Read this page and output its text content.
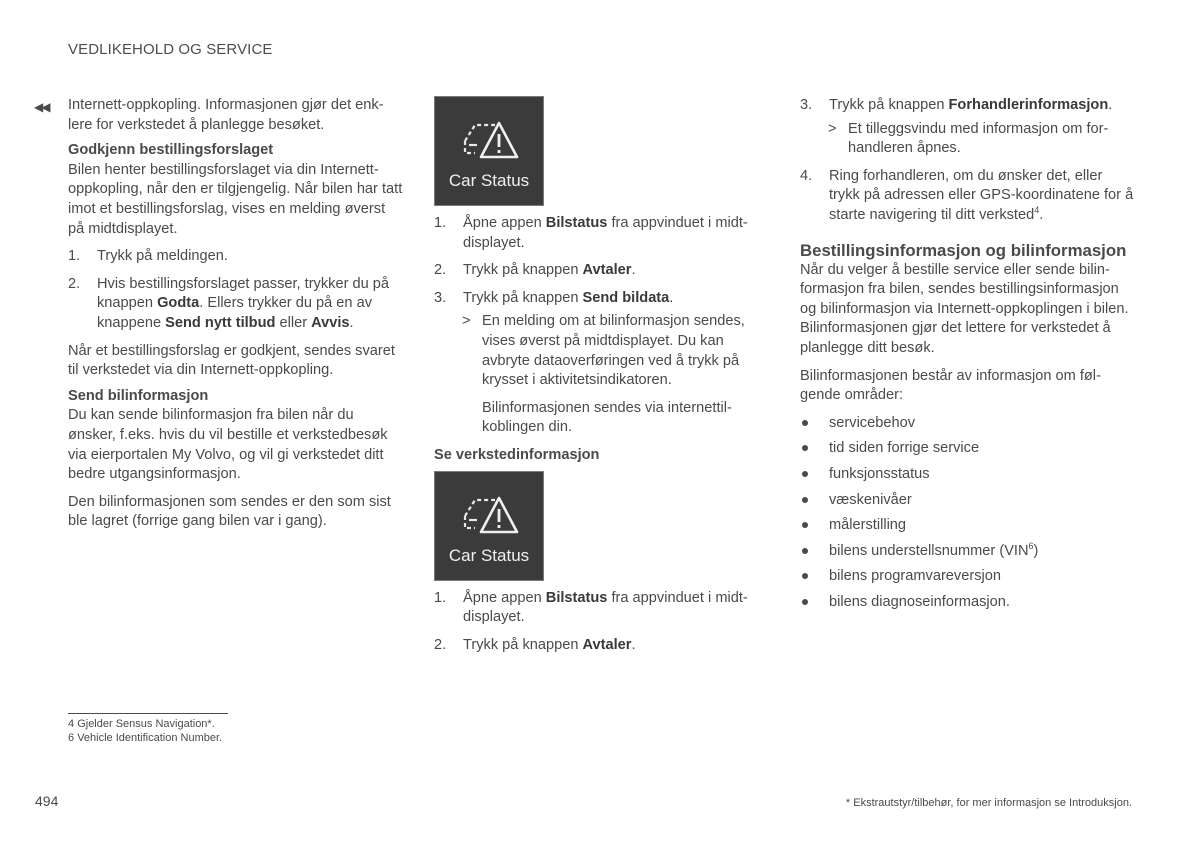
VEDLIKEHOLD OG SERVICE
◀◀ Internett-oppkopling. Informasjonen gjør det enklere for verkstedet å planlegge besøket.

Godkjenn bestillingsforslaget

Bilen henter bestillingsforslaget via din Internettoppkopling, når den er tilgjengelig. Når bilen har tatt imot et bestillingsforslag, vises en melding øverst på midtdisplayet.

1. Trykk på meldingen.
2. Hvis bestillingsforslaget passer, trykker du på knappen Godta. Ellers trykker du på en av knappene Send nytt tilbud eller Avvis.

Når et bestillingsforslag er godkjent, sendes svaret til verkstedet via din Internett-oppkopling.

Send bilinformasjon

Du kan sende bilinformasjon fra bilen når du ønsker, f.eks. hvis du vil bestille et verkstedbesøk via eierportalen My Volvo, og vil gi verkstedet ditt bedre utgangsinformasjon.

Den bilinformasjonen som sendes er den som sist ble lagret (forrige gang bilen var i gang).

Car Status
1. Åpne appen Bilstatus fra appvinduet i midtdisplayet.
2. Trykk på knappen Avtaler.
3. Trykk på knappen Send bildata.
> En melding om at bilinformasjon sendes, vises øverst på midtdisplayet. Du kan avbryte dataoverføringen ved å trykk på krysset i aktivitetsindikatoren.

Bilinformasjonen sendes via internettilkoblingen din.

Se verkstedinformasjon

Car Status
1. Åpne appen Bilstatus fra appvinduet i midtdisplayet.
2. Trykk på knappen Avtaler.
3. Trykk på knappen Forhandlerinformasjon.
> Et tilleggsvindu med informasjon om forhandleren åpnes.
4. Ring forhandleren, om du ønsker det, eller trykk på adressen eller GPS-koordinatene for å starte navigering til ditt verksted$^4$.

Bestillingsinformasjon og bilinformasjon

Når du velger å bestille service eller sende bilinformasjon fra bilen, sendes bestillingsinformasjon og bilinformasjon via Internett-oppkoplingen i bilen. Bilinformasjonen gjør det lettere for verkstedet å planlegge ditt besøk.

Bilinformasjonen består av informasjon om følgende områder:

servicebehov
tid siden forrige service
funksjonsstatus
væskenivåer
målerstilling
bilens understellsnummer (VIN$^6$)
bilens programvareversjon
bilens diagnoseinformasjon.
4 Gjelder Sensus Navigation*.
6 Vehicle Identification Number.
494	* Ekstrautstyr/tilbehør, for mer informasjon se Introduksjon.
